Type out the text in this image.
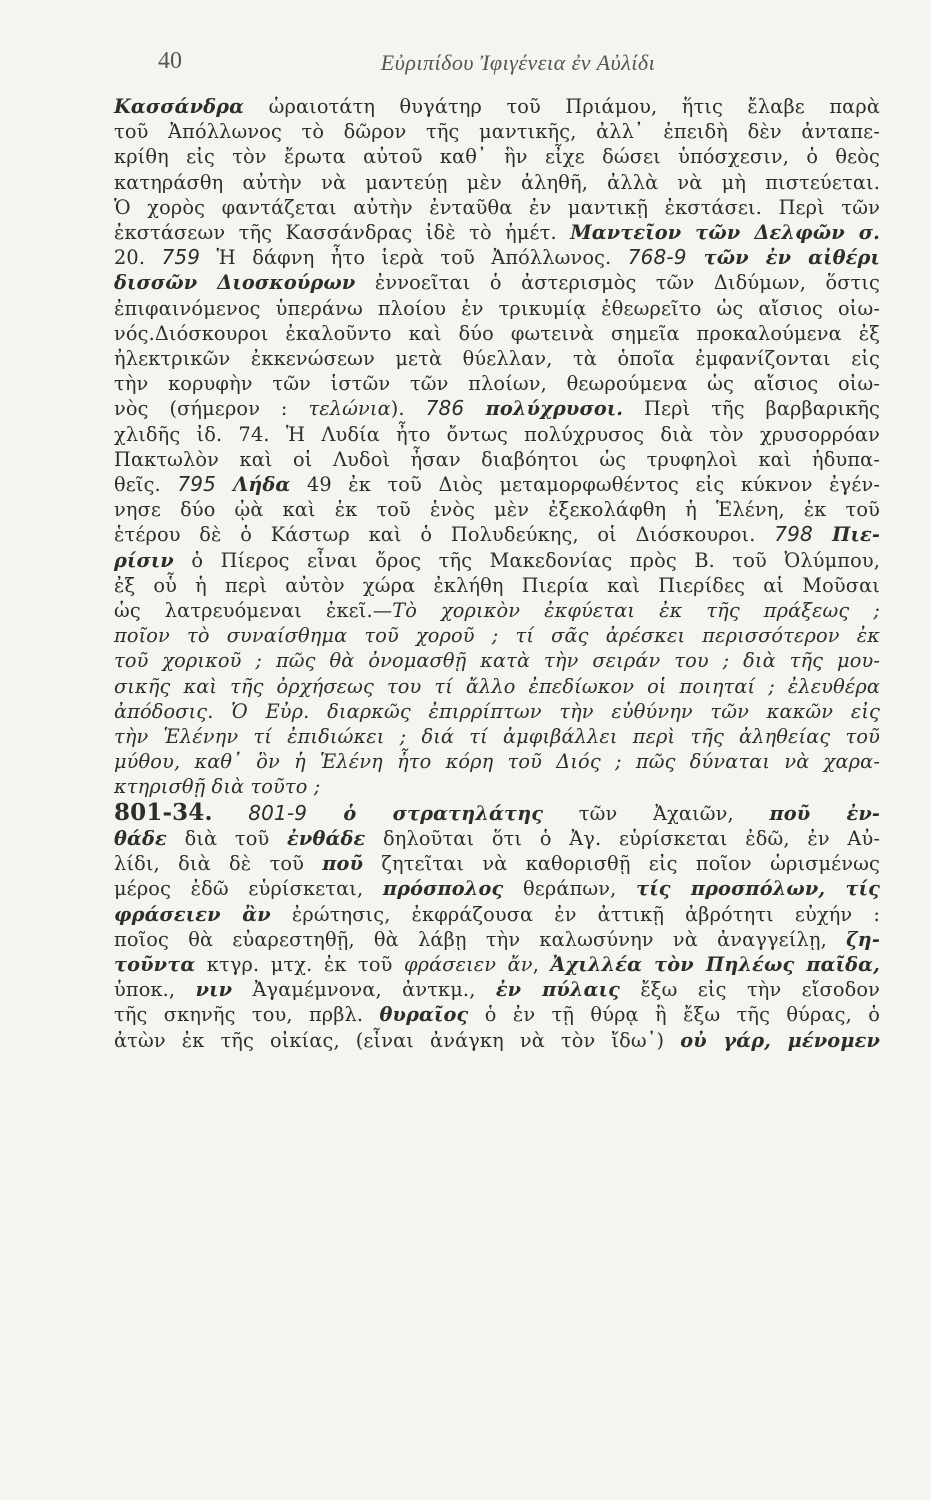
40	Εὐριπίδου Ἰφιγένεια ἐν Αὐλίδι
Κασσάνδρα ὡραιοτάτη θυγάτηρ τοῦ Πριάμου, ἥτις ἔλαβε παρὰ
τοῦ Ἀπόλλωνος τὸ δῶρον τῆς μαντικῆς, ἀλλ᾽ ἐπειδὴ δὲν ἀνταπε-
κρίθη εἰς τὸν ἔρωτα αὐτοῦ καθ᾽ ἣν εἶχε δώσει ὑπόσχεσιν, ὁ θεὸς
κατηράσθη αὐτὴν νὰ μαντεύῃ μὲν ἀληθῆ, ἀλλὰ νὰ μὴ πιστεύεται.
Ὁ χορὸς φαντάζεται αὐτὴν ἐνταῦθα ἐν μαντικῇ ἐκστάσει. Περὶ τῶν
ἐκστάσεων τῆς Κασσάνδρας ἰδὲ τὸ ἡμέτ. Μαντεῖον τῶν Δελφῶν σ.
20. 759 Ἡ δάφνη ἦτο ἱερὰ τοῦ Ἀπόλλωνος. 768-9 τῶν ἐν αἰθέρι
δισσῶν Διοσκούρων ἐννοεῖται ὁ ἀστερισμὸς τῶν Διδύμων, ὅστις
ἐπιφαινόμενος ὑπεράνω πλοίου ἐν τρικυμίᾳ ἐθεωρεῖτο ὡς αἴσιος οἰω-
νός.Διόσκουροι ἐκαλοῦντο καὶ δύο φωτεινὰ σημεῖα προκαλούμενα ἐξ
ἠλεκτρικῶν ἐκκενώσεων μετὰ θύελλαν, τὰ ὁποῖα ἐμφανίζονται εἰς
τὴν κορυφὴν τῶν ἱστῶν τῶν πλοίων, θεωρούμενα ὡς αἴσιος οἰω-
νὸς (σήμερον : τελώνια). 786 πολύχρυσοι. Περὶ τῆς βαρβαρικῆς
χλιδῆς ἰδ. 74. Ἡ Λυδία ἦτο ὄντως πολύχρυσος διὰ τὸν χρυσορρόαν
Πακτωλὸν καὶ οἱ Λυδοὶ ἦσαν διαβόητοι ὡς τρυφηλοὶ καὶ ἡδυπα-
θεῖς. 795 Λήδα 49 ἐκ τοῦ Διὸς μεταμορφωθέντος εἰς κύκνον ἐγέν-
νησε δύο ᾠὰ καὶ ἐκ τοῦ ἑνὸς μὲν ἐξεκολάφθη ἡ Ἑλένη, ἐκ τοῦ
ἑτέρου δὲ ὁ Κάστωρ καὶ ὁ Πολυδεύκης, οἱ Διόσκουροι. 798 Πιε-
ρίσιν ὁ Πίερος εἶναι ὄρος τῆς Μακεδονίας πρὸς Β. τοῦ Ὀλύμπου,
ἐξ οὗ ἡ περὶ αὐτὸν χώρα ἐκλήθη Πιερία καὶ Πιερίδες αἱ Μοῦσαι
ὡς λατρευόμεναι ἐκεῖ.—Τὸ χορικὸν ἐκφύεται ἐκ τῆς πράξεως ;
ποῖον τὸ συναίσθημα τοῦ χοροῦ ; τί σᾶς ἀρέσκει περισσότερον ἐκ
τοῦ χορικοῦ ; πῶς θὰ ὀνομασθῇ κατὰ τὴν σειράν του ; διὰ τῆς μου-
σικῆς καὶ τῆς ὀρχήσεως του τί ἄλλο ἐπεδίωκον οἱ ποιηταί ; ἐλευθέρα
ἀπόδοσις. Ὁ Εὐρ. διαρκῶς ἐπιρρίπτων τὴν εὐθύνην τῶν κακῶν εἰς
τὴν Ἑλένην τί ἐπιδιώκει ; διά τί ἀμφιβάλλει περὶ τῆς ἀληθείας τοῦ
μύθου, καθ᾽ ὃν ἡ Ἑλένη ἦτο κόρη τοῦ Διός ; πῶς δύναται νὰ χαρα-
κτηρισθῇ διὰ τοῦτο ;
801-34. 801-9 ὁ στρατηλάτης τῶν Ἀχαιῶν, ποῦ ἐν-
θάδε διὰ τοῦ ἐνθάδε δηλοῦται ὅτι ὁ Ἀγ. εὑρίσκεται ἐδῶ, ἐν Αὐ-
λίδι, διὰ δὲ τοῦ ποῦ ζητεῖται νὰ καθορισθῇ εἰς ποῖον ὡρισμένως
μέρος ἐδῶ εὑρίσκεται, πρόσπολος θεράπων, τίς προσπόλων, τίς
φράσειεν ἂν ἐρώτησις, ἐκφράζουσα ἐν ἀττικῇ ἀβρότητι εὐχήν :
ποῖος θὰ εὐαρεστηθῇ, θὰ λάβῃ τὴν καλωσύνην νὰ ἀναγγείλῃ, ζη-
τοῦντα κτγρ. μτχ. ἐκ τοῦ φράσειεν ἄν, Ἀχιλλέα τὸν Πηλέως παῖδα,
ὑποκ., νιν Ἀγαμέμνονα, ἀντκμ., ἐν πύλαις ἔξω εἰς τὴν εἴσοδον
τῆς σκηνῆς του, πρβλ. θυραῖος ὁ ἐν τῇ θύρᾳ ἢ ἔξω τῆς θύρας, ὁ
ἀτὼν ἐκ τῆς οἰκίας, (εἶναι ἀνάγκη νὰ τὸν ἴδω᾽) οὐ γάρ, μένομεν
